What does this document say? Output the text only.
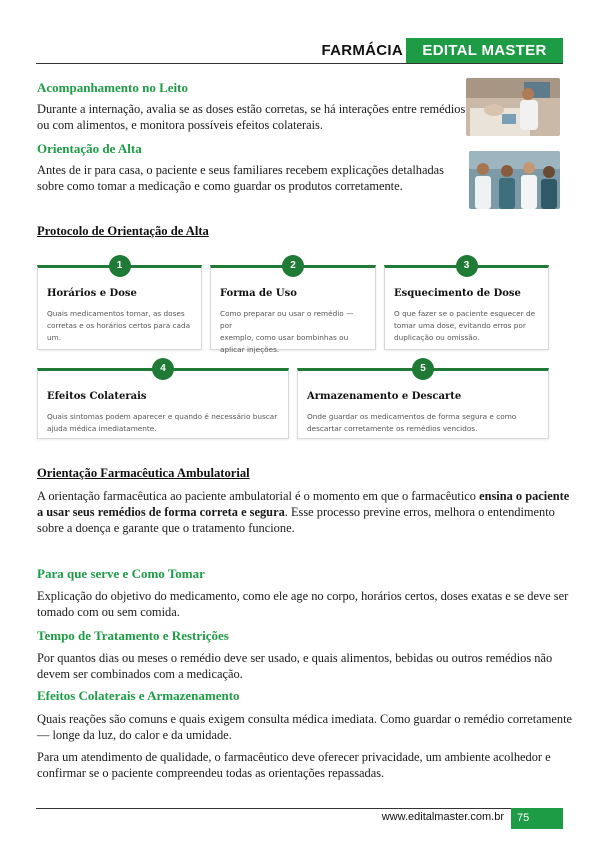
FARMÁCIA	EDITAL MASTER
Acompanhamento no Leito
Durante a internação, avalia se as doses estão corretas, se há interações entre remédios
ou com alimentos, e monitora possíveis efeitos colaterais.
Orientação de Alta
Antes de ir para casa, o paciente e seus familiares recebem explicações detalhadas
sobre como tomar a medicação e como guardar os produtos corretamente.
Protocolo de Orientação de Alta
1
Horários e Dose
Quais medicamentos tomar, as doses
corretas e os horários certos para cada
um.
2
Forma de Uso
Como preparar ou usar o remédio — por
exemplo, como usar bombinhas ou
aplicar injeções.
3
Esquecimento de Dose
O que fazer se o paciente esquecer de
tomar uma dose, evitando erros por
duplicação ou omissão.
4
Efeitos Colaterais
Quais sintomas podem aparecer e quando é necessário buscar
ajuda médica imediatamente.
5
Armazenamento e Descarte
Onde guardar os medicamentos de forma segura e como
descartar corretamente os remédios vencidos.
Orientação Farmacêutica Ambulatorial
A orientação farmacêutica ao paciente ambulatorial é o momento em que o farmacêutico ensina o paciente
a usar seus remédios de forma correta e segura. Esse processo previne erros, melhora o entendimento
sobre a doença e garante que o tratamento funcione.
Para que serve e Como Tomar
Explicação do objetivo do medicamento, como ele age no corpo, horários certos, doses exatas e se deve ser
tomado com ou sem comida.
Tempo de Tratamento e Restrições
Por quantos dias ou meses o remédio deve ser usado, e quais alimentos, bebidas ou outros remédios não
devem ser combinados com a medicação.
Efeitos Colaterais e Armazenamento
Quais reações são comuns e quais exigem consulta médica imediata. Como guardar o remédio corretamente
— longe da luz, do calor e da umidade.
Para um atendimento de qualidade, o farmacêutico deve oferecer privacidade, um ambiente acolhedor e
confirmar se o paciente compreendeu todas as orientações repassadas.
www.editalmaster.com.br	75
